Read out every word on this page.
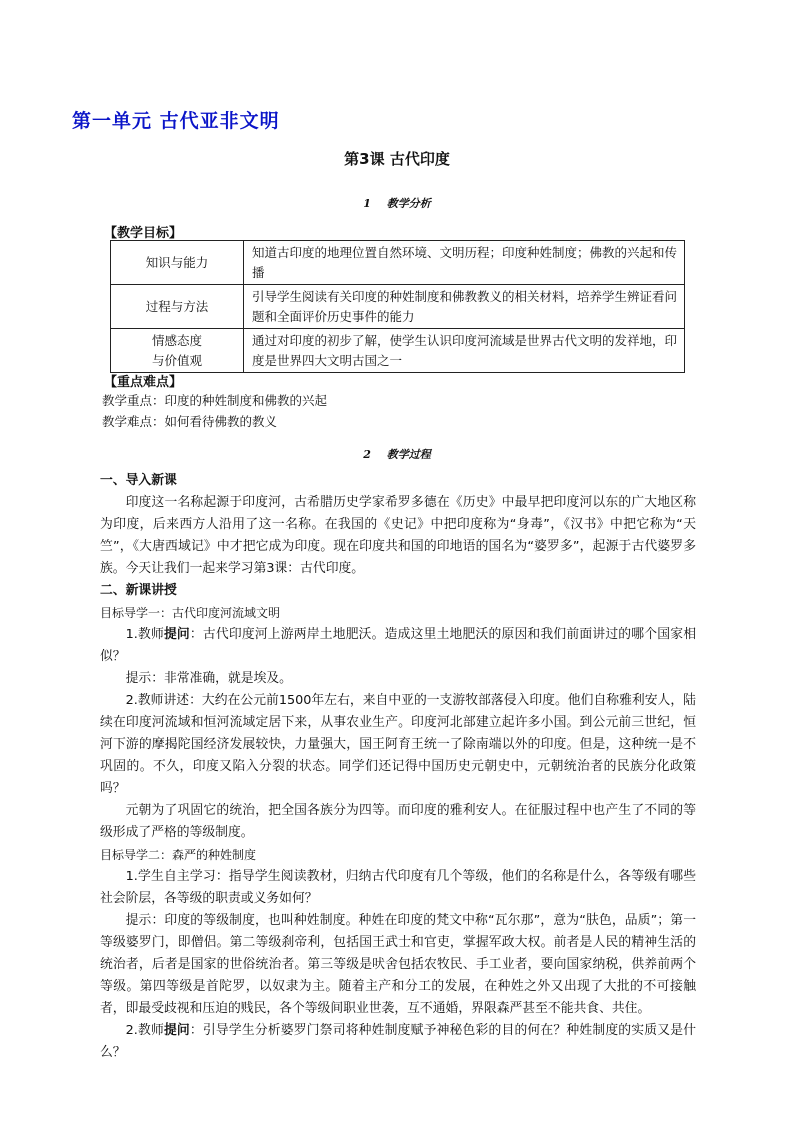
第一单元 古代亚非文明
第3课 古代印度
1 教学分析
【教学目标】
知识与能力	知道古印度的地理位置自然环境、文明历程；印度种姓制度；佛教的兴起和传播
过程与方法	引导学生阅读有关印度的种姓制度和佛教教义的相关材料，培养学生辨证看问题和全面评价历史事件的能力

情感态度
与价值观	通过对印度的初步了解，使学生认识印度河流域是世界古代文明的发祥地，印度是世界四大文明古国之一
【重点难点】
教学重点：印度的种姓制度和佛教的兴起
教学难点：如何看待佛教的教义
2 教学过程

一、导入新课

印度这一名称起源于印度河，古希腊历史学家希罗多德在《历史》中最早把印度河以东的广大地区称为印度，后来西方人沿用了这一名称。在我国的《史记》中把印度称为“身毒”，《汉书》中把它称为“天竺”，《大唐西域记》中才把它成为印度。现在印度共和国的印地语的国名为“婆罗多”，起源于古代婆罗多族。今天让我们一起来学习第3课：古代印度。

二、新课讲授

目标导学一：古代印度河流域文明

1.教师提问：古代印度河上游两岸土地肥沃。造成这里土地肥沃的原因和我们前面讲过的哪个国家相似？

提示：非常准确，就是埃及。

2.教师讲述：大约在公元前1500年左右，来自中亚的一支游牧部落侵入印度。他们自称雅利安人，陆续在印度河流域和恒河流域定居下来，从事农业生产。印度河北部建立起许多小国。到公元前三世纪，恒河下游的摩揭陀国经济发展较快，力量强大，国王阿育王统一了除南端以外的印度。但是，这种统一是不巩固的。不久，印度又陷入分裂的状态。同学们还记得中国历史元朝史中，元朝统治者的民族分化政策吗？

元朝为了巩固它的统治，把全国各族分为四等。而印度的雅利安人。在征服过程中也产生了不同的等级形成了严格的等级制度。

目标导学二：森严的种姓制度

1.学生自主学习：指导学生阅读教材，归纳古代印度有几个等级，他们的名称是什么，各等级有哪些社会阶层，各等级的职责或义务如何？

提示：印度的等级制度，也叫种姓制度。种姓在印度的梵文中称“瓦尔那”，意为“肤色，品质”；第一等级婆罗门，即僧侣。第二等级刹帝利，包括国王武士和官吏，掌握军政大权。前者是人民的精神生活的统治者，后者是国家的世俗统治者。第三等级是吠舍包括农牧民、手工业者，要向国家纳税，供养前两个等级。第四等级是首陀罗，以奴隶为主。随着主产和分工的发展，在种姓之外又出现了大批的不可接触者，即最受歧视和压迫的贱民，各个等级间职业世袭，互不通婚，界限森严甚至不能共食、共住。

2.教师提问：引导学生分析婆罗门祭司将种姓制度赋予神秘色彩的目的何在？种姓制度的实质又是什么？
